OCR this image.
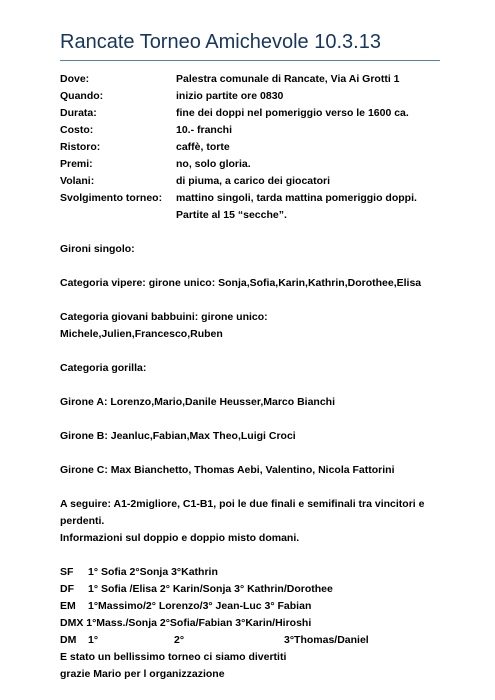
Rancate Torneo Amichevole 10.3.13
Dove:	Palestra comunale di Rancate, Via Ai Grotti 1
Quando:	inizio partite ore 0830
Durata:	fine dei doppi nel pomeriggio verso le 1600 ca.
Costo:	10.- franchi
Ristoro:	caffè, torte
Premi:	no, solo gloria.
Volani:	di piuma, a carico dei giocatori
Svolgimento torneo:	mattino singoli, tarda mattina pomeriggio doppi.
Partite al 15 “secche”.

Gironi singolo:

Categoria vipere: girone unico: Sonja,Sofia,Karin,Kathrin,Dorothee,Elisa

Categoria giovani babbuini: girone unico:

Michele,Julien,Francesco,Ruben

Categoria gorilla:

Girone A: Lorenzo,Mario,Danile Heusser,Marco Bianchi

Girone B: Jeanluc,Fabian,Max Theo,Luigi Croci

Girone C: Max Bianchetto, Thomas Aebi, Valentino, Nicola Fattorini

A seguire: A1-2migliore, C1-B1, poi le due finali e semifinali tra vincitori e perdenti.

Informazioni sul doppio e doppio misto domani.

SF	1° Sofia 2°Sonja 3°Kathrin
DF	1° Sofia /Elisa 2° Karin/Sonja 3° Kathrin/Dorothee
EM	1°Massimo/2° Lorenzo/3° Jean-Luc 3° Fabian

DMX 1°Mass./Sonja 2°Sofia/Fabian 3°Karin/Hiroshi

DM	1°	2°	3°Thomas/Daniel

E stato un bellissimo torneo ci siamo divertiti

grazie Mario per l organizzazione
